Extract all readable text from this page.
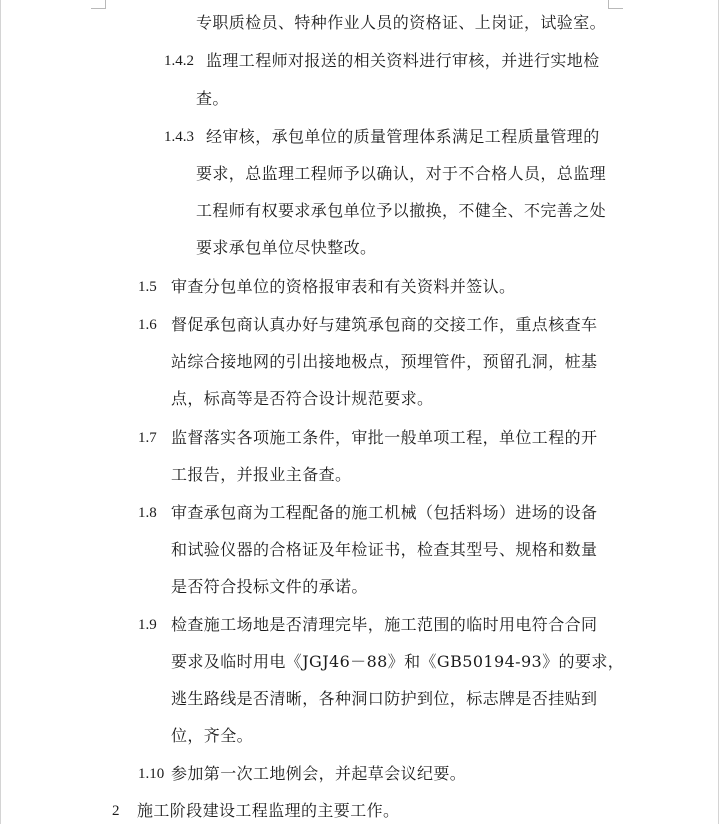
专职质检员、特种作业人员的资格证、上岗证，试验室。
1.4.2 监理工程师对报送的相关资料进行审核，并进行实地检
查。
1.4.3 经审核，承包单位的质量管理体系满足工程质量管理的
要求，总监理工程师予以确认，对于不合格人员，总监理
工程师有权要求承包单位予以撤换，不健全、不完善之处
要求承包单位尽快整改。
1.5 审查分包单位的资格报审表和有关资料并签认。
1.6 督促承包商认真办好与建筑承包商的交接工作，重点核查车
站综合接地网的引出接地极点，预埋管件，预留孔洞，桩基
点，标高等是否符合设计规范要求。
1.7 监督落实各项施工条件，审批一般单项工程，单位工程的开
工报告，并报业主备查。
1.8 审查承包商为工程配备的施工机械（包括料场）进场的设备
和试验仪器的合格证及年检证书，检查其型号、规格和数量
是否符合投标文件的承诺。
1.9 检查施工场地是否清理完毕，施工范围的临时用电符合合同
要求及临时用电《JGJ46－88》和《GB50194-93》的要求，
逃生路线是否清晰，各种洞口防护到位，标志牌是否挂贴到
位，齐全。
1.10 参加第一次工地例会，并起草会议纪要。
2 施工阶段建设工程监理的主要工作。
